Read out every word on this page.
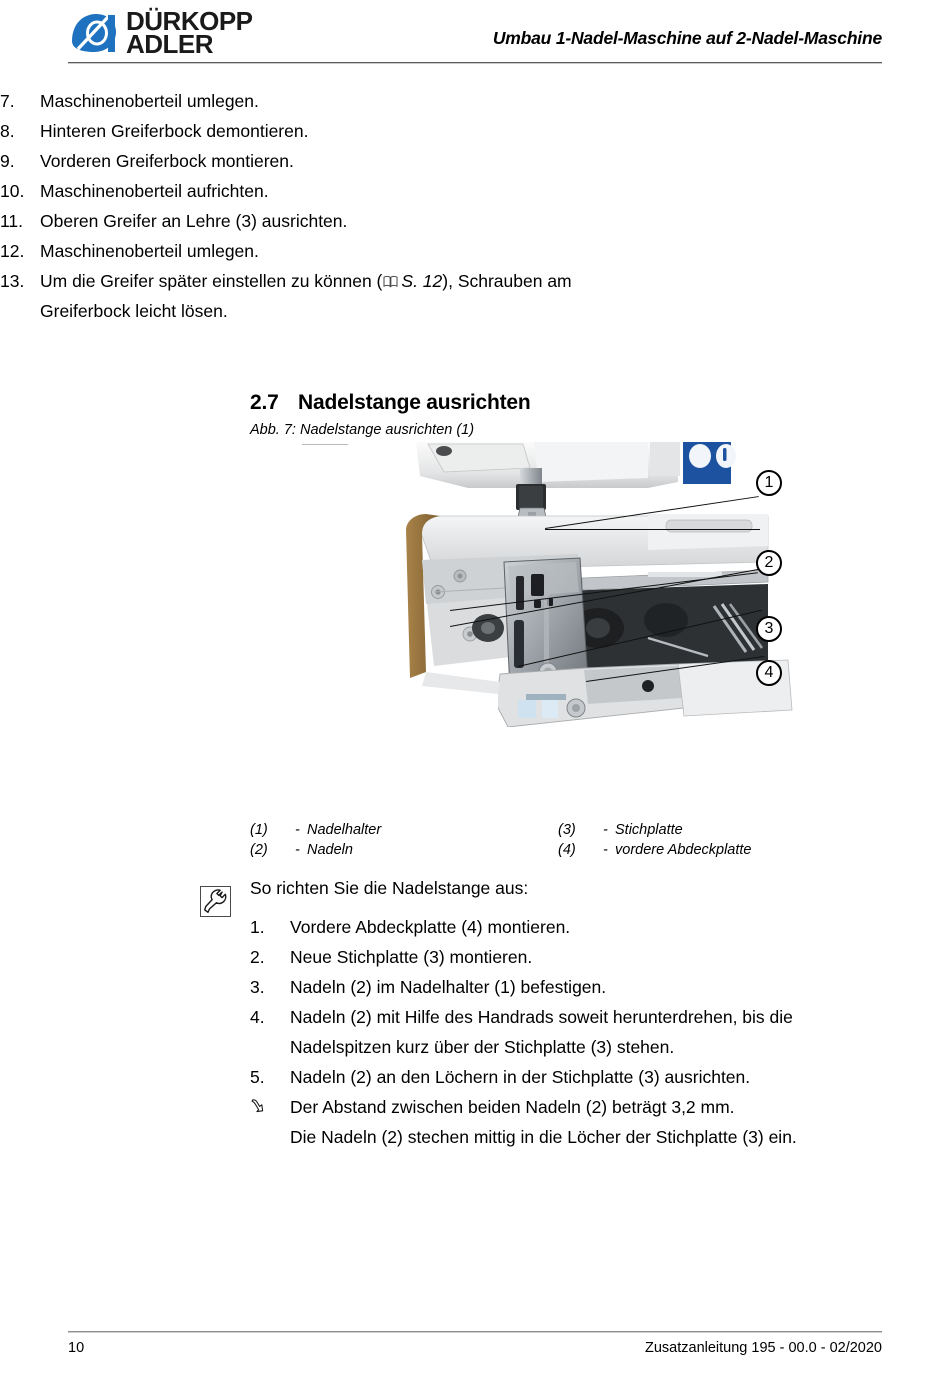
DÜRKOPP
ADLER	Umbau 1-Nadel-Maschine auf 2-Nadel-Maschine
7.	Maschinenoberteil umlegen.
8.	Hinteren Greiferbock demontieren.
9.	Vorderen Greiferbock montieren.
10. Maschinenoberteil aufrichten.
11. Oberen Greifer an Lehre (3) ausrichten.
12. Maschinenoberteil umlegen.
13. Um die Greifer später einstellen zu können ( S. 12), Schrauben am Greiferbock leicht lösen.
2.7 Nadelstange ausrichten
Abb. 7: Nadelstange ausrichten (1)
1
2
3
4
(1)	- Nadelhalter	(3)	- Stichplatte
(2)	- Nadeln	(4)	- vordere Abdeckplatte
So richten Sie die Nadelstange aus:
1.	Vordere Abdeckplatte (4) montieren.
2.	Neue Stichplatte (3) montieren.
3.	Nadeln (2) im Nadelhalter (1) befestigen.
4.	Nadeln (2) mit Hilfe des Handrads soweit herunterdrehen, bis die Nadelspitzen kurz über der Stichplatte (3) stehen.
5.	Nadeln (2) an den Löchern in der Stichplatte (3) ausrichten.
Der Abstand zwischen beiden Nadeln (2) beträgt 3,2 mm.
Die Nadeln (2) stechen mittig in die Löcher der Stichplatte (3) ein.
10	Zusatzanleitung 195 - 00.0 - 02/2020
